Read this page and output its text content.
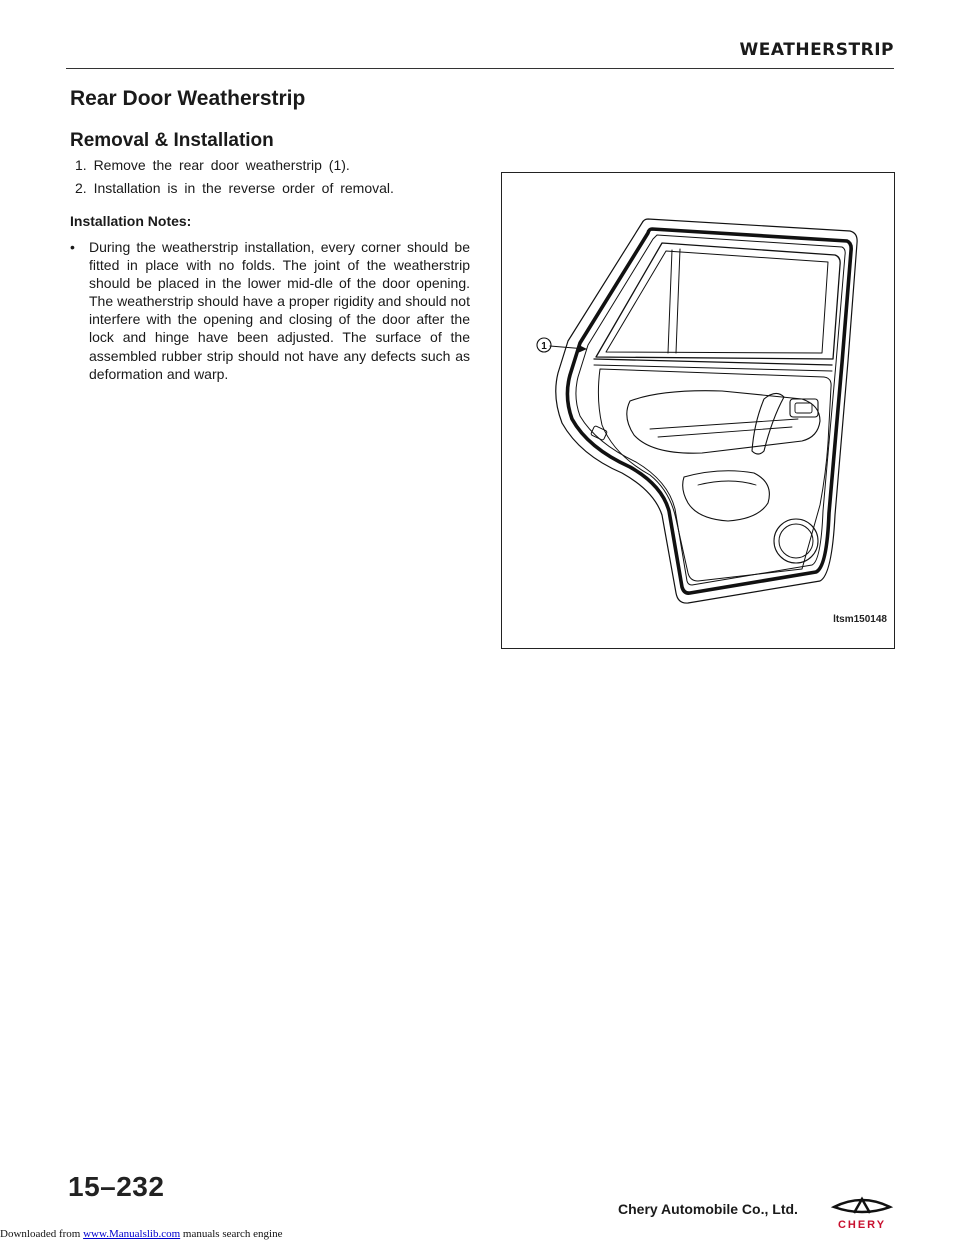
WEATHERSTRIP
Rear Door Weatherstrip
Removal & Installation
1. Remove the rear door weatherstrip (1).
2. Installation is in the reverse order of removal.
Installation Notes:
• During the weatherstrip installation, every corner should be fitted in place with no folds. The joint of the weatherstrip should be placed in the lower mid-dle of the door opening. The weatherstrip should have a proper rigidity and should not interfere with the opening and closing of the door after the lock and hinge have been adjusted. The surface of the assembled rubber strip should not have any defects such as deformation and warp.
1
ltsm150148
15–232
Chery Automobile Co., Ltd.
CHERY
Downloaded from www.Manualslib.com manuals search engine
